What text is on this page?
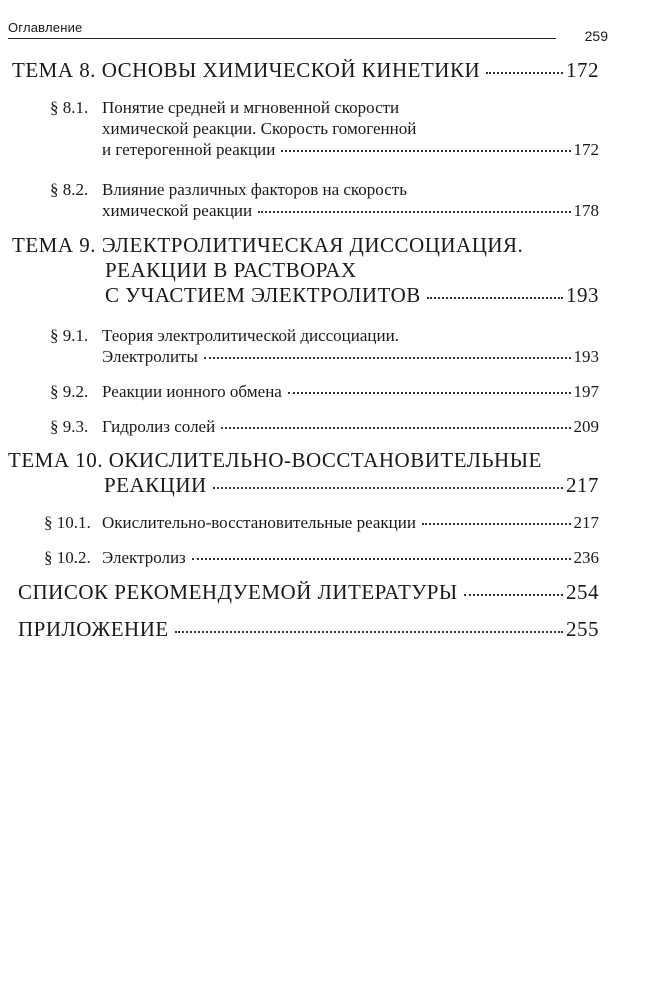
Оглавление
259
ТЕМА 8. ОСНОВЫ ХИМИЧЕСКОЙ КИНЕТИКИ	172
§ 8.1. Понятие средней и мгновенной скорости
химической реакции. Скорость гомогенной
и гетерогенной реакции	172
§ 8.2. Влияние различных факторов на скорость
химической реакции	178
ТЕМА 9. ЭЛЕКТРОЛИТИЧЕСКАЯ ДИССОЦИАЦИЯ.
РЕАКЦИИ В РАСТВОРАХ
С УЧАСТИЕМ ЭЛЕКТРОЛИТОВ	193
§ 9.1. Теория электролитической диссоциации.
Электролиты	193
§ 9.2. Реакции ионного обмена	197
§ 9.3. Гидролиз солей	209
ТЕМА 10. ОКИСЛИТЕЛЬНО-ВОССТАНОВИТЕЛЬНЫЕ
РЕАКЦИИ	217
§ 10.1. Окислительно-восстановительные реакции	217
§ 10.2. Электролиз	236
СПИСОК РЕКОМЕНДУЕМОЙ ЛИТЕРАТУРЫ	254
ПРИЛОЖЕНИЕ	255
